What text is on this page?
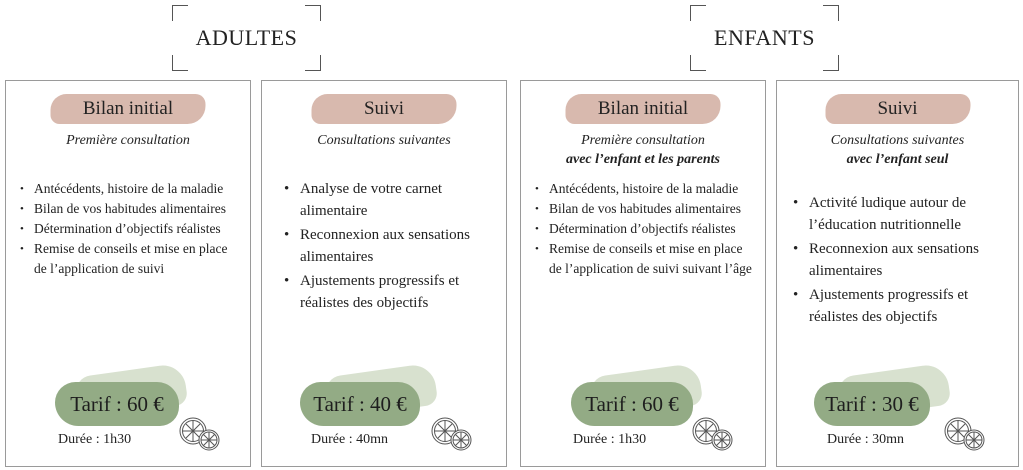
ADULTES	ENFANTS
Bilan initial
Première consultation
• Antécédents, histoire de la maladie
• Bilan de vos habitudes alimentaires
• Détermination d’objectifs réalistes
• Remise de conseils et mise en place de l’application de suivi
Tarif : 60 €
Durée : 1h30
Suivi
Consultations suivantes
• Analyse de votre carnet alimentaire
• Reconnexion aux sensations alimentaires
• Ajustements progressifs et réalistes des objectifs
Tarif : 40 €
Durée : 40mn
Bilan initial
Première consultation
avec l’enfant et les parents
• Antécédents, histoire de la maladie
• Bilan de vos habitudes alimentaires
• Détermination d’objectifs réalistes
• Remise de conseils et mise en place de l’application de suivi suivant l’âge
Tarif : 60 €
Durée : 1h30
Suivi
Consultations suivantes
avec l’enfant seul
• Activité ludique autour de l’éducation nutritionnelle
• Reconnexion aux sensations alimentaires
• Ajustements progressifs et réalistes des objectifs
Tarif : 30 €
Durée : 30mn
